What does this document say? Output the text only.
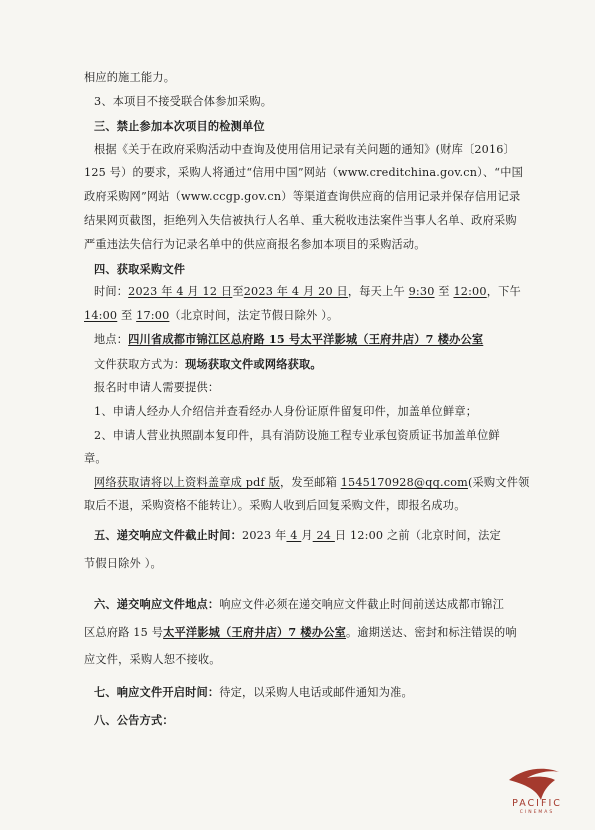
相应的施工能力。
3、本项目不接受联合体参加采购。
三、禁止参加本次项目的检测单位
根据《关于在政府采购活动中查询及使用信用记录有关问题的通知》(财库〔2016〕
125 号）的要求，采购人将通过“信用中国”网站（www.creditchina.gov.cn）、“中国
政府采购网”网站（www.ccgp.gov.cn）等渠道查询供应商的信用记录并保存信用记录
结果网页截图，拒绝列入失信被执行人名单、重大税收违法案件当事人名单、政府采购
严重违法失信行为记录名单中的供应商报名参加本项目的采购活动。
四、获取采购文件
时间：2023 年 4 月 12 日至2023 年 4 月 20 日，每天上午 9:30 至 12:00，下午
14:00 至 17:00（北京时间，法定节假日除外 ）。
地点：四川省成都市锦江区总府路 15 号太平洋影城（王府井店）7 楼办公室
文件获取方式为：现场获取文件或网络获取。
报名时申请人需要提供：
1、申请人经办人介绍信并查看经办人身份证原件留复印件，加盖单位鲜章；
2、申请人营业执照副本复印件，具有消防设施工程专业承包资质证书加盖单位鲜
章。
网络获取请将以上资料盖章成 pdf 版，发至邮箱 1545170928@qq.com(采购文件领
取后不退，采购资格不能转让）。采购人收到后回复采购文件，即报名成功。
五、递交响应文件截止时间：2023 年 4 月 24 日 12:00 之前（北京时间，法定
节假日除外 ）。
六、递交响应文件地点：响应文件必须在递交响应文件截止时间前送达成都市锦江
区总府路 15 号太平洋影城（王府井店）7 楼办公室。逾期送达、密封和标注错误的响
应文件，采购人恕不接收。
七、响应文件开启时间：待定，以采购人电话或邮件通知为准。
八、公告方式：
PACIFIC
CINEMAS
